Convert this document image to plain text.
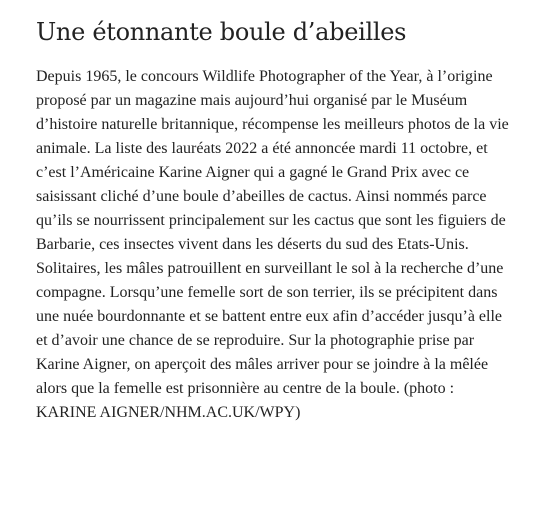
Une étonnante boule d’abeilles

Depuis 1965, le concours Wildlife Photographer of the Year, à l’origine proposé par un magazine mais aujourd’hui organisé par le Muséum d’histoire naturelle britannique, récompense les meilleurs photos de la vie animale. La liste des lauréats 2022 a été annoncée mardi 11 octobre, et c’est l’Américaine Karine Aigner qui a gagné le Grand Prix avec ce saisissant cliché d’une boule d’abeilles de cactus. Ainsi nommés parce qu’ils se nourrissent principalement sur les cactus que sont les figuiers de Barbarie, ces insectes vivent dans les déserts du sud des Etats-Unis. Solitaires, les mâles patrouillent en surveillant le sol à la recherche d’une compagne. Lorsqu’une femelle sort de son terrier, ils se précipitent dans une nuée bourdonnante et se battent entre eux afin d’accéder jusqu’à elle et d’avoir une chance de se reproduire. Sur la photographie prise par Karine Aigner, on aperçoit des mâles arriver pour se joindre à la mêlée alors que la femelle est prisonnière au centre de la boule. (photo : KARINE AIGNER/NHM.AC.UK/WPY)
